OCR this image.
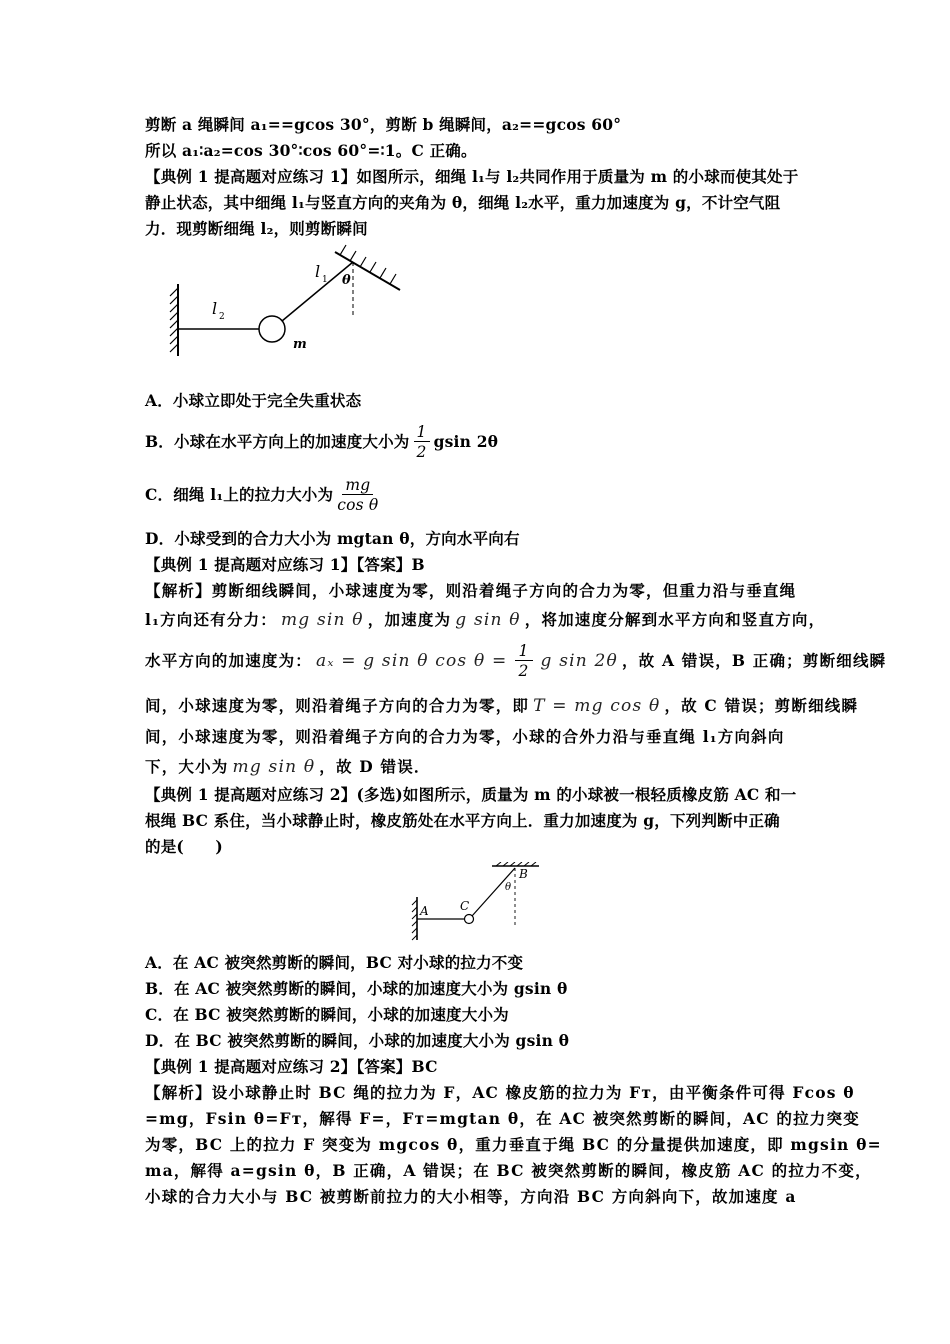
剪断 a 绳瞬间 a₁==gcos 30°，剪断 b 绳瞬间，a₂==gcos 60°
所以 a₁∶a₂=cos 30°∶cos 60°=∶1。C 正确。
【典例 1 提高题对应练习 1】如图所示，细绳 l₁与 l₂共同作用于质量为 m 的小球而使其处于
静止状态，其中细绳 l₁与竖直方向的夹角为 θ，细绳 l₂水平，重力加速度为 g，不计空气阻
力．现剪断细绳 l₂，则剪断瞬间
l 1 θ
l 2
m
A．小球立即处于完全失重状态
B．小球在水平方向上的加速度大小为 $\frac{1}{2}$ gsin 2θ
C．细绳 l₁上的拉力大小为 $\frac{mg}{\text{cos θ}}$
D．小球受到的合力大小为 mgtan θ，方向水平向右
【典例 1 提高题对应练习 1】【答案】B
【解析】剪断细线瞬间，小球速度为零，则沿着绳子方向的合力为零，但重力沿与垂直绳
l₁方向还有分力： mg sin θ ，加速度为 g sin θ ，将加速度分解到水平方向和竖直方向，
水平方向的加速度为： aₓ = g sin θ $\cos \theta = \frac{1}{2}$ g sin 2θ ，故 A 错误，B 正确；剪断细线瞬
间，小球速度为零，则沿着绳子方向的合力为零，即 T = mg cos θ ，故 C 错误；剪断细线瞬
间，小球速度为零，则沿着绳子方向的合力为零，小球的合外力沿与垂直绳 l₁方向斜向
下，大小为 mg sin θ ，故 D 错误．
【典例 1 提高题对应练习 2】(多选)如图所示，质量为 m 的小球被一根轻质橡皮筋 AC 和一
根绳 BC 系住，当小球静止时，橡皮筋处在水平方向上．重力加速度为 g，下列判断中正确
的是(　　)
A	C
B
θ
A．在 AC 被突然剪断的瞬间，BC 对小球的拉力不变
B．在 AC 被突然剪断的瞬间，小球的加速度大小为 gsin θ
C．在 BC 被突然剪断的瞬间，小球的加速度大小为
D．在 BC 被突然剪断的瞬间，小球的加速度大小为 gsin θ
【典例 1 提高题对应练习 2】【答案】BC
【解析】设小球静止时 BC 绳的拉力为 F，AC 橡皮筋的拉力为 Fᴛ，由平衡条件可得 Fcos θ
=mg，Fsin θ=Fᴛ，解得 F=，Fᴛ=mgtan θ，在 AC 被突然剪断的瞬间，AC 的拉力突变
为零，BC 上的拉力 F 突变为 mgcos θ，重力垂直于绳 BC 的分量提供加速度，即 mgsin θ=
ma，解得 a=gsin θ，B 正确，A 错误；在 BC 被突然剪断的瞬间，橡皮筋 AC 的拉力不变，
小球的合力大小与 BC 被剪断前拉力的大小相等，方向沿 BC 方向斜向下，故加速度 a
